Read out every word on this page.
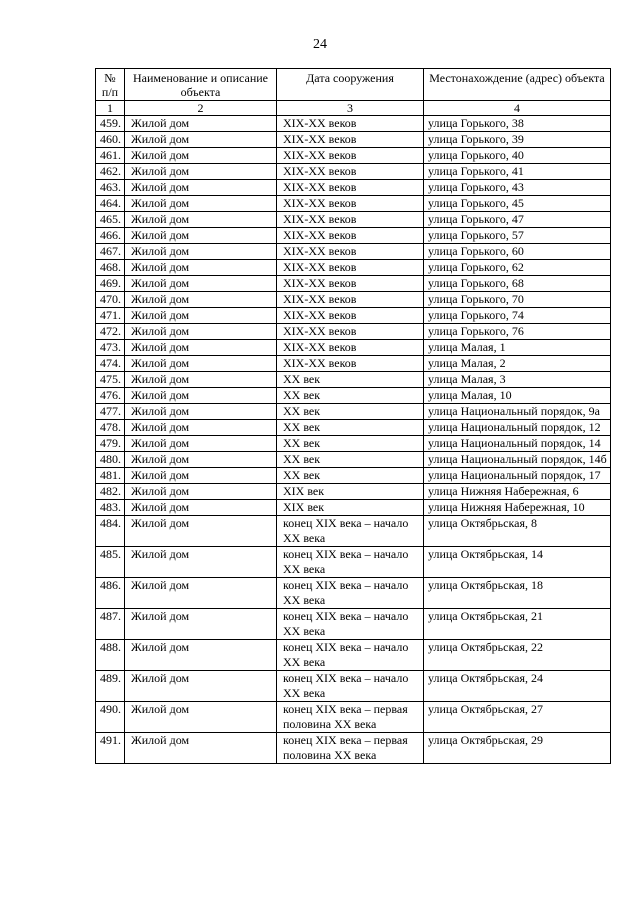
24
№ п/п	Наименование и описание объекта	Дата сооружения	Местонахождение (адрес) объекта
1	2	3	4
459.	Жилой дом	XIX-XX веков	улица Горького, 38
460.	Жилой дом	XIX-XX веков	улица Горького, 39
461.	Жилой дом	XIX-XX веков	улица Горького, 40
462.	Жилой дом	XIX-XX веков	улица Горького, 41
463.	Жилой дом	XIX-XX веков	улица Горького, 43
464.	Жилой дом	XIX-XX веков	улица Горького, 45
465.	Жилой дом	XIX-XX веков	улица Горького, 47
466.	Жилой дом	XIX-XX веков	улица Горького, 57
467.	Жилой дом	XIX-XX веков	улица Горького, 60
468.	Жилой дом	XIX-XX веков	улица Горького, 62
469.	Жилой дом	XIX-XX веков	улица Горького, 68
470.	Жилой дом	XIX-XX веков	улица Горького, 70
471.	Жилой дом	XIX-XX веков	улица Горького, 74
472.	Жилой дом	XIX-XX веков	улица Горького, 76
473.	Жилой дом	XIX-XX веков	улица Малая, 1
474.	Жилой дом	XIX-XX веков	улица Малая, 2
475.	Жилой дом	XX век	улица Малая, 3
476.	Жилой дом	XX век	улица Малая, 10
477.	Жилой дом	XX век	улица Национальный порядок, 9а
478.	Жилой дом	XX век	улица Национальный порядок, 12
479.	Жилой дом	XX век	улица Национальный порядок, 14
480.	Жилой дом	XX век	улица Национальный порядок, 14б
481.	Жилой дом	XX век	улица Национальный порядок, 17
482.	Жилой дом	XIX век	улица Нижняя Набережная, 6
483.	Жилой дом	XIX век	улица Нижняя Набережная, 10
484.	Жилой дом	конец XIX века – начало XX века	улица Октябрьская, 8
485.	Жилой дом	конец XIX века – начало XX века	улица Октябрьская, 14
486.	Жилой дом	конец XIX века – начало XX века	улица Октябрьская, 18
487.	Жилой дом	конец XIX века – начало XX века	улица Октябрьская, 21
488.	Жилой дом	конец XIX века – начало XX века	улица Октябрьская, 22
489.	Жилой дом	конец XIX века – начало XX века	улица Октябрьская, 24
490.	Жилой дом	конец XIX века – первая половина XX века	улица Октябрьская, 27
491.	Жилой дом	конец XIX века – первая половина XX века	улица Октябрьская, 29
